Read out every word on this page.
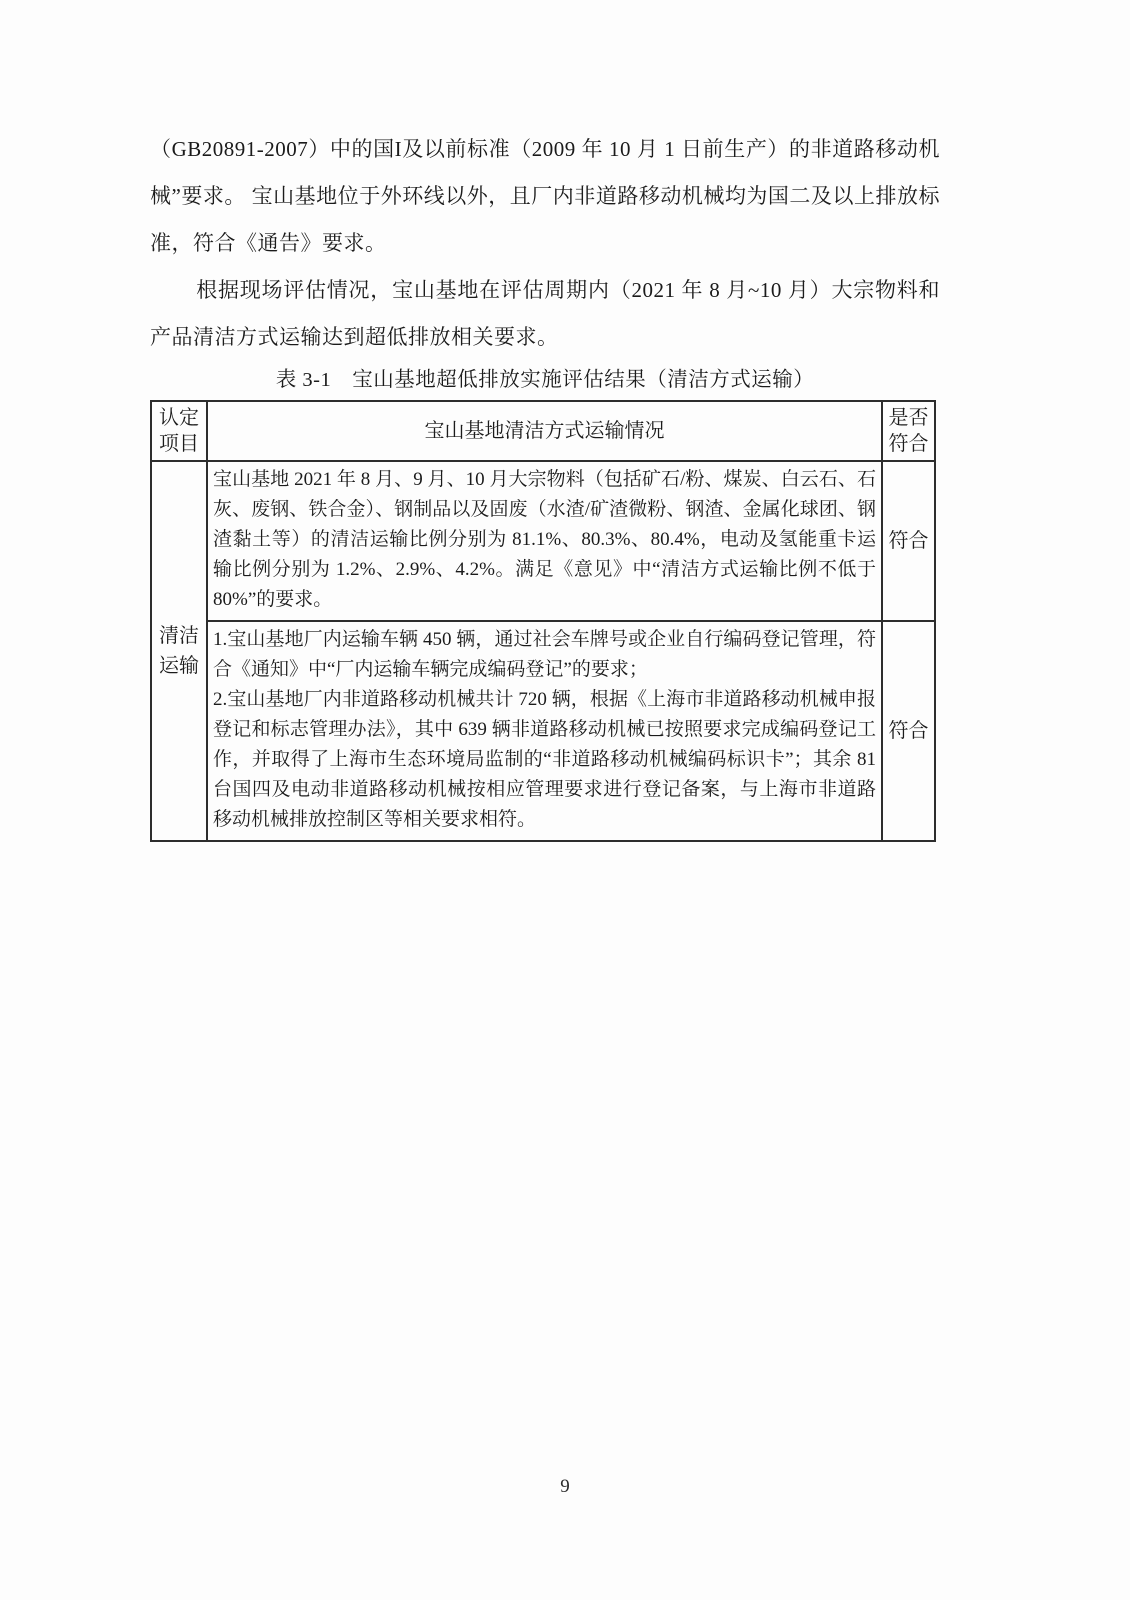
（GB20891-2007）中的国I及以前标准（2009 年 10 月 1 日前生产）的非道路移动机械”要求。 宝山基地位于外环线以外，且厂内非道路移动机械均为国二及以上排放标准，符合《通告》要求。

根据现场评估情况，宝山基地在评估周期内（2021 年 8 月~10 月）大宗物料和产品清洁方式运输达到超低排放相关要求。

表 3-1　宝山基地超低排放实施评估结果（清洁方式运输）
认定项目	宝山基地清洁方式运输情况	是否符合
清洁运输	宝山基地 2021 年 8 月、9 月、10 月大宗物料（包括矿石/粉、煤炭、白云石、石灰、废钢、铁合金）、钢制品以及固废（水渣/矿渣微粉、钢渣、金属化球团、钢渣黏土等）的清洁运输比例分别为 81.1%、80.3%、80.4%，电动及氢能重卡运输比例分别为 1.2%、2.9%、4.2%。满足《意见》中“清洁方式运输比例不低于 80%”的要求。	符合

	1.宝山基地厂内运输车辆 450 辆，通过社会车牌号或企业自行编码登记管理，符合《通知》中“厂内运输车辆完成编码登记”的要求；
2.宝山基地厂内非道路移动机械共计 720 辆，根据《上海市非道路移动机械申报登记和标志管理办法》，其中 639 辆非道路移动机械已按照要求完成编码登记工作，并取得了上海市生态环境局监制的“非道路移动机械编码标识卡”；其余 81 台国四及电动非道路移动机械按相应管理要求进行登记备案，与上海市非道路移动机械排放控制区等相关要求相符。	符合
9
